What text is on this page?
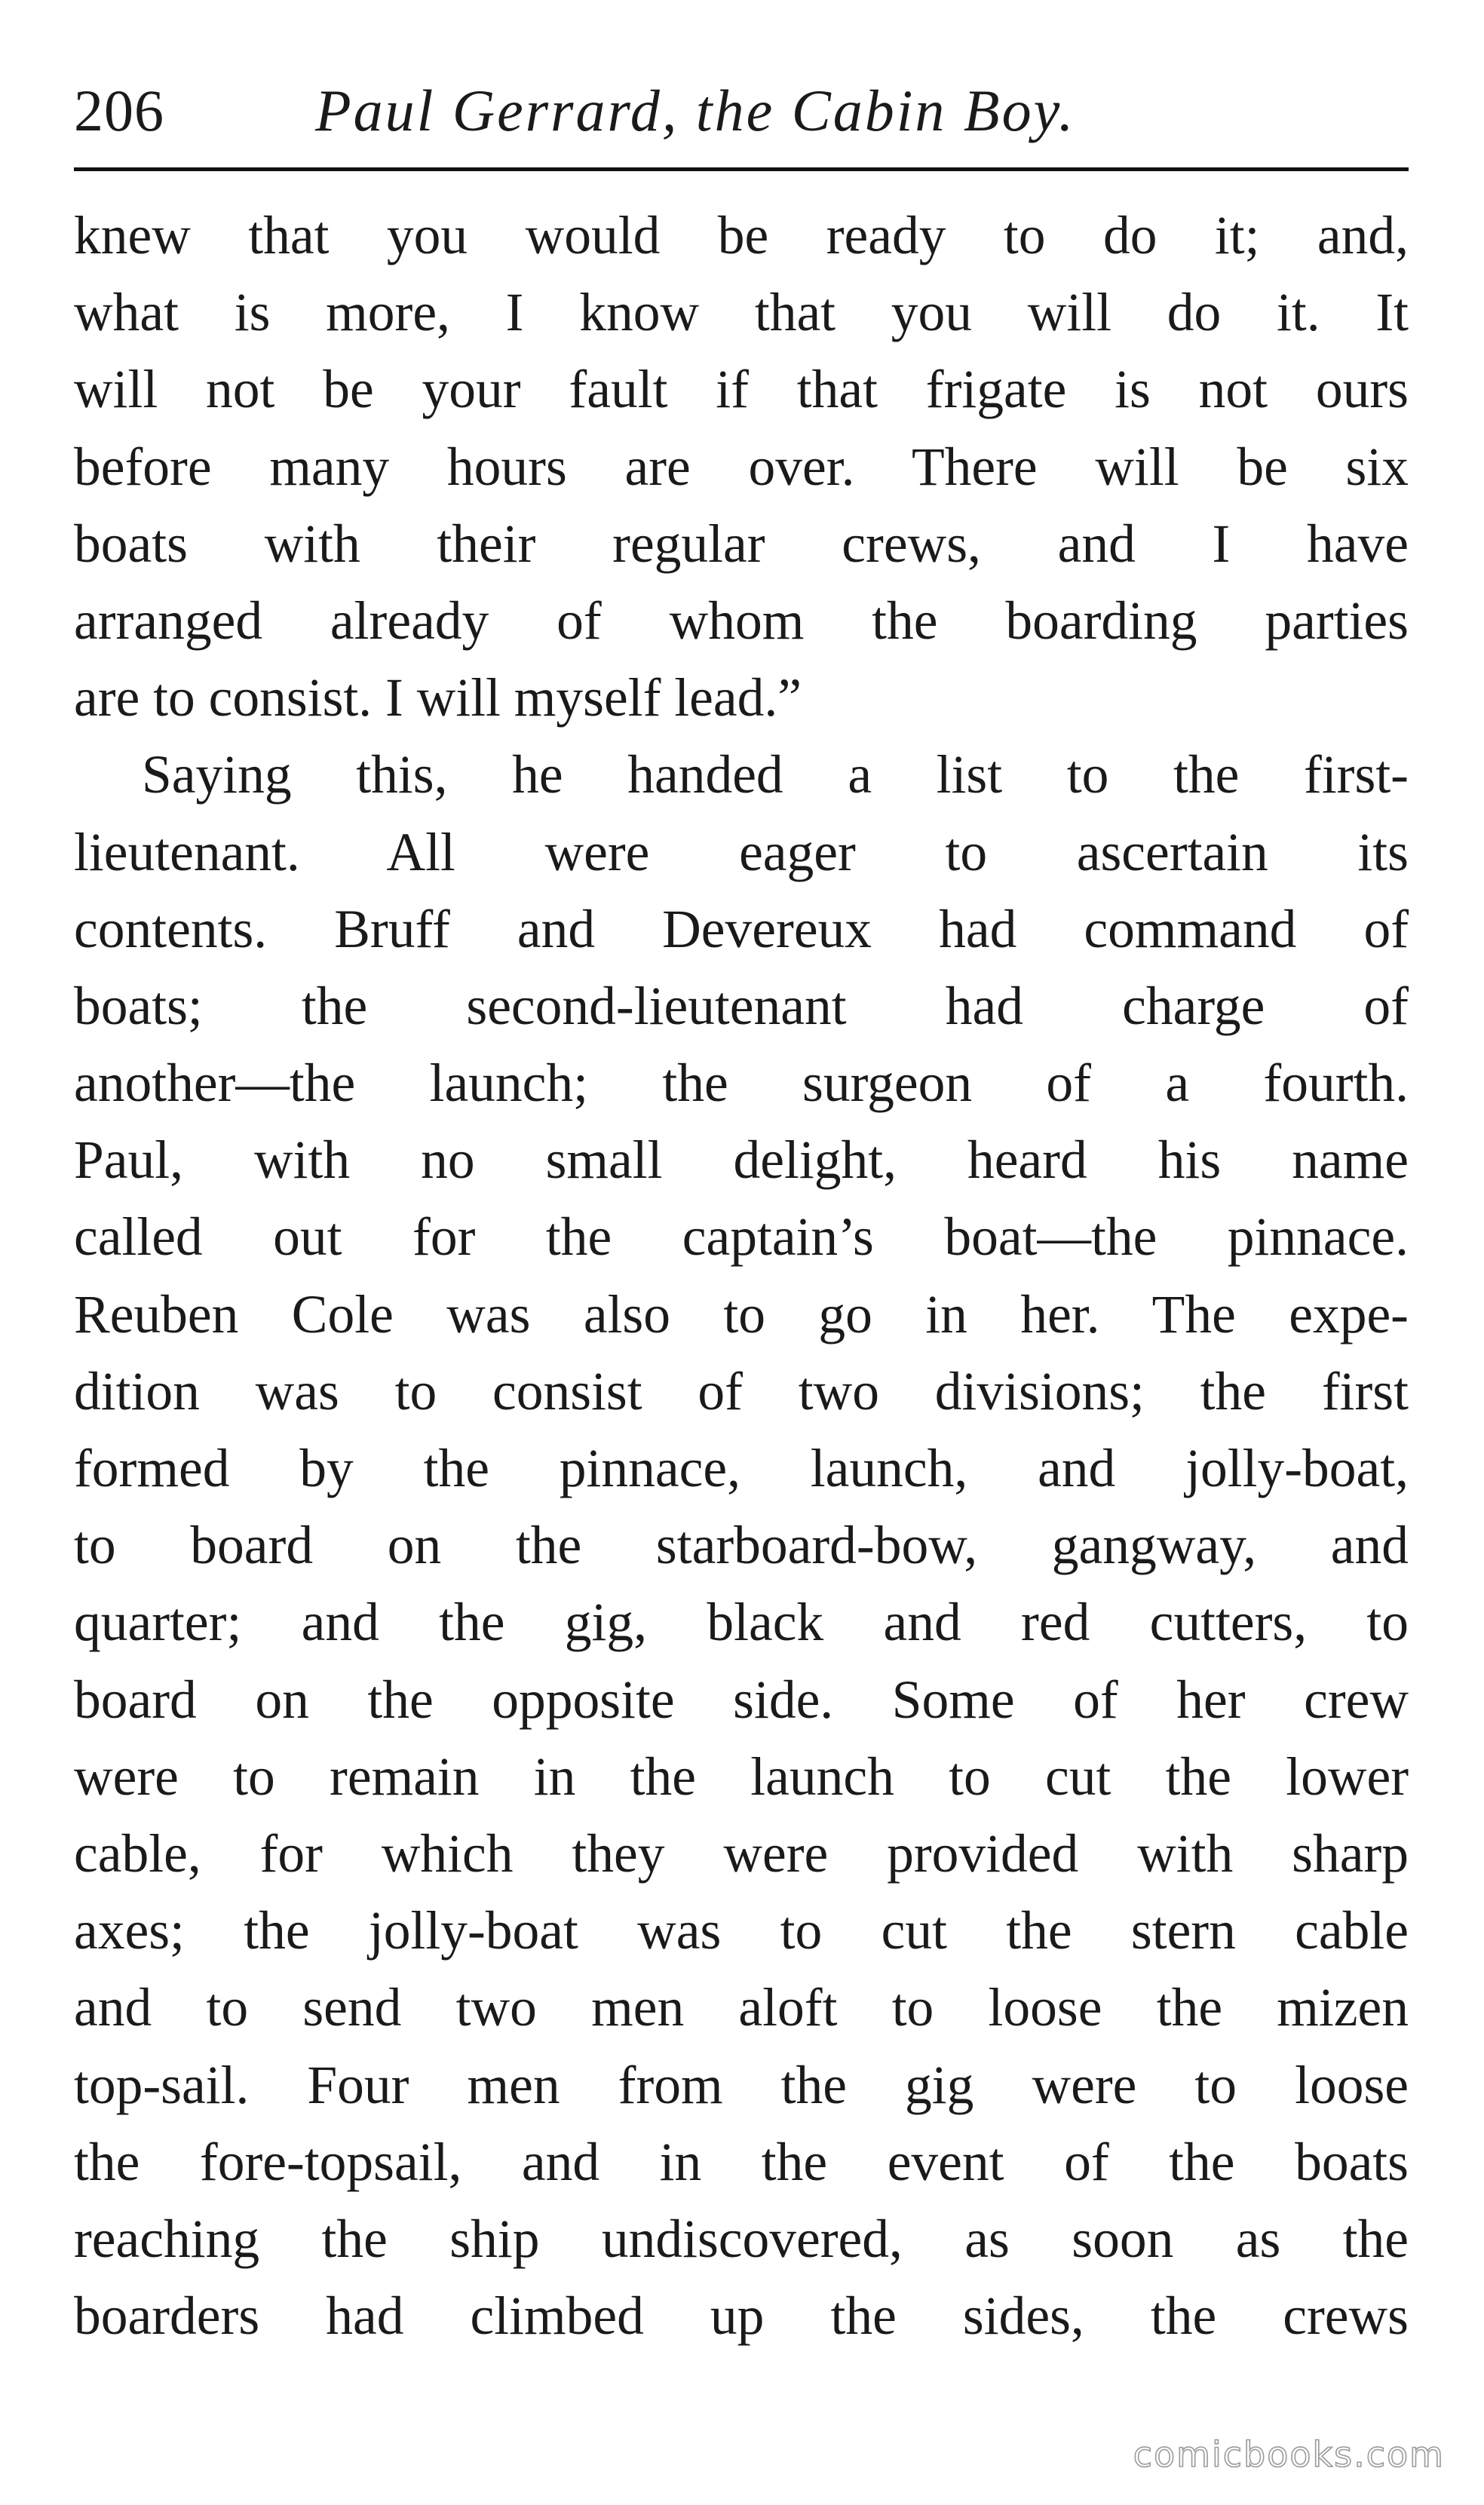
206	Paul Gerrard, the Cabin Boy.
knew that you would be ready to do it; and,
what is more, I know that you will do it. It
will not be your fault if that frigate is not ours
before many hours are over. There will be six
boats with their regular crews, and I have
arranged already of whom the boarding parties
are to consist. I will myself lead.”
Saying this, he handed a list to the first-
lieutenant. All were eager to ascertain its
contents. Bruff and Devereux had command of
boats; the second-lieutenant had charge of
another—the launch; the surgeon of a fourth.
Paul, with no small delight, heard his name
called out for the captain’s boat—the pinnace.
Reuben Cole was also to go in her. The expe-
dition was to consist of two divisions; the first
formed by the pinnace, launch, and jolly-boat,
to board on the starboard-bow, gangway, and
quarter; and the gig, black and red cutters, to
board on the opposite side. Some of her crew
were to remain in the launch to cut the lower
cable, for which they were provided with sharp
axes; the jolly-boat was to cut the stern cable
and to send two men aloft to loose the mizen
top-sail. Four men from the gig were to loose
the fore-topsail, and in the event of the boats
reaching the ship undiscovered, as soon as the
boarders had climbed up the sides, the crews
comicbooks.com
